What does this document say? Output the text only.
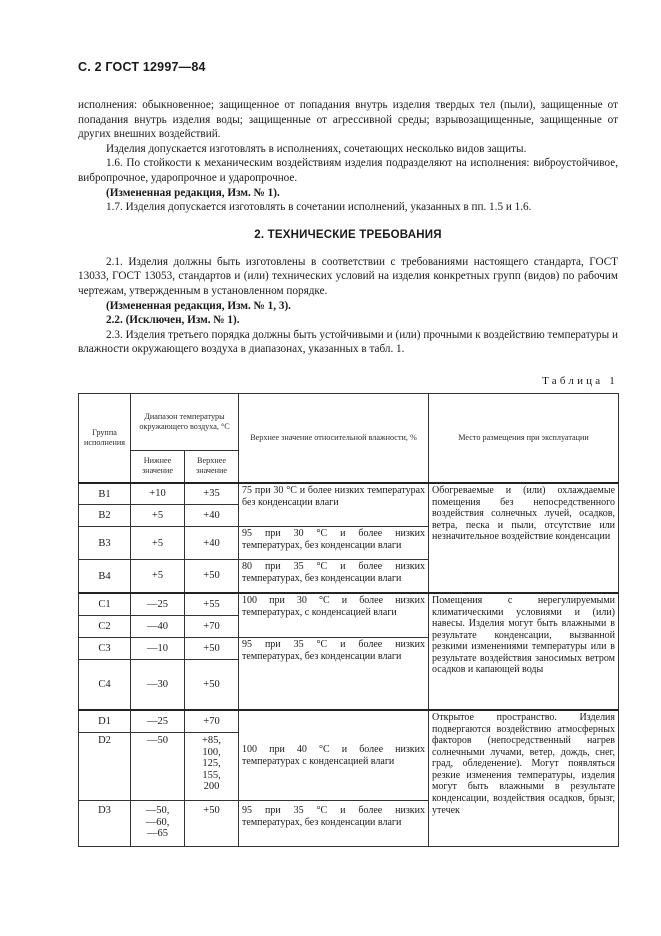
С. 2 ГОСТ 12997—84

исполнения: обыкновенное; защищенное от попадания внутрь изделия твердых тел (пыли), защищенные от попадания внутрь изделия воды; защищенные от агрессивной среды; взрывозащищенные, защищенные от других внешних воздействий.

Изделия допускается изготовлять в исполнениях, сочетающих несколько видов защиты.

1.6. По стойкости к механическим воздействиям изделия подразделяют на исполнения: виброустойчивое, вибропрочное, ударопрочное и ударопрочное.

(Измененная редакция, Изм. № 1).

1.7. Изделия допускается изготовлять в сочетании исполнений, указанных в пп. 1.5 и 1.6.

2. ТЕХНИЧЕСКИЕ ТРЕБОВАНИЯ

2.1. Изделия должны быть изготовлены в соответствии с требованиями настоящего стандарта, ГОСТ 13033, ГОСТ 13053, стандартов и (или) технических условий на изделия конкретных групп (видов) по рабочим чертежам, утвержденным в установленном порядке.

(Измененная редакция, Изм. № 1, 3).

2.2. (Исключен, Изм. № 1).

2.3. Изделия третьего порядка должны быть устойчивыми и (или) прочными к воздействию температуры и влажности окружающего воздуха в диапазонах, указанных в табл. 1.

Таблица 1
Группа исполнения	Диапазон температуры окружающего воздуха, °С		Верхнее значение относительной влажности, %	Место размещения при эксплуатации
	Нижнее значение	Верхнее значение		
B1	+10	+35	75 при 30 °С и более низких температурах без конденсации влаги	Обогреваемые и (или) охлаждаемые помещения без непосредственного воздействия солнечных лучей, осадков, ветра, песка и пыли, отсутствие или незначительное воздействие конденсации
B2	+5	+40		
B3	+5	+40	95 при 30 °С и более низких температурах, без конденсации влаги	
B4	+5	+50	80 при 35 °С и более низких температурах, без конденсации влаги	
C1	—25	+55	100 при 30 °С и более низких температурах, с конденсацией влаги	Помещения с нерегулируемыми климатическими условиями и (или) навесы. Изделия могут быть влажными в результате конденсации, вызванной резкими изменениями температуры или в результате воздействия заносимых ветром осадков и капающей воды
C2	—40	+70		
C3	—10	+50	95 при 35 °С и более низких температурах, без конденсации влаги	
C4	—30	+50		
D1	—25	+70	100 при 40 °С и более низких температурах с конденсацией влаги	Открытое пространство. Изделия подвергаются воздействию атмосферных факторов (непосредственный нагрев солнечными лучами, ветер, дождь, снег, град, обледенение). Могут появляться резкие изменения температуры, изделия могут быть влажными в результате конденсации, воздействия осадков, брызг, утечек
D2	—50	+85, 100, 125, 155, 200		
D3	—50, —60, —65	+50	95 при 35 °С и более низких температурах, без конденсации влаги	
